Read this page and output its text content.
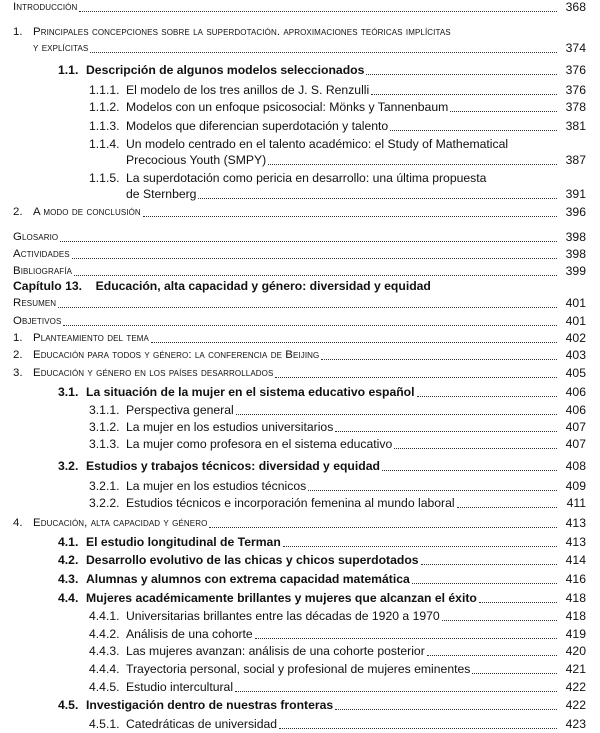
Introducción	368
1. Principales concepciones sobre la superdotación. aproximaciones teóricas implícitas
y explícitas	374
1.1. Descripción de algunos modelos seleccionados	376
1.1.1. El modelo de los tres anillos de J. S. Renzulli	376
1.1.2. Modelos con un enfoque psicosocial: Mönks y Tannenbaum	378
1.1.3. Modelos que diferencian superdotación y talento	381
1.1.4. Un modelo centrado en el talento académico: el Study of Mathematical
Precocious Youth (SMPY)	387
1.1.5. La superdotación como pericia en desarrollo: una última propuesta
de Sternberg	391
2. A modo de conclusión	396
Glosario	398
Actividades	398
Bibliografía	399
Capítulo 13.    Educación, alta capacidad y género: diversidad y equidad
Resumen	401
Objetivos	401
1. Planteamiento del tema	402
2. Educación para todos y género: la conferencia de Beijing	403
3. Educación y género en los países desarrollados	405
3.1. La situación de la mujer en el sistema educativo español	406
3.1.1. Perspectiva general	406
3.1.2. La mujer en los estudios universitarios	407
3.1.3. La mujer como profesora en el sistema educativo	407
3.2. Estudios y trabajos técnicos: diversidad y equidad	408
3.2.1. La mujer en los estudios técnicos	409
3.2.2. Estudios técnicos e incorporación femenina al mundo laboral	411
4. Educación, alta capacidad y género	413
4.1. El estudio longitudinal de Terman	413
4.2. Desarrollo evolutivo de las chicas y chicos superdotados	414
4.3. Alumnas y alumnos con extrema capacidad matemática	416
4.4. Mujeres académicamente brillantes y mujeres que alcanzan el éxito	418
4.4.1. Universitarias brillantes entre las décadas de 1920 a 1970	418
4.4.2. Análisis de una cohorte	419
4.4.3. Las mujeres avanzan: análisis de una cohorte posterior	420
4.4.4. Trayectoria personal, social y profesional de mujeres eminentes	421
4.4.5. Estudio intercultural	422
4.5. Investigación dentro de nuestras fronteras	422
4.5.1. Catedráticas de universidad	423
